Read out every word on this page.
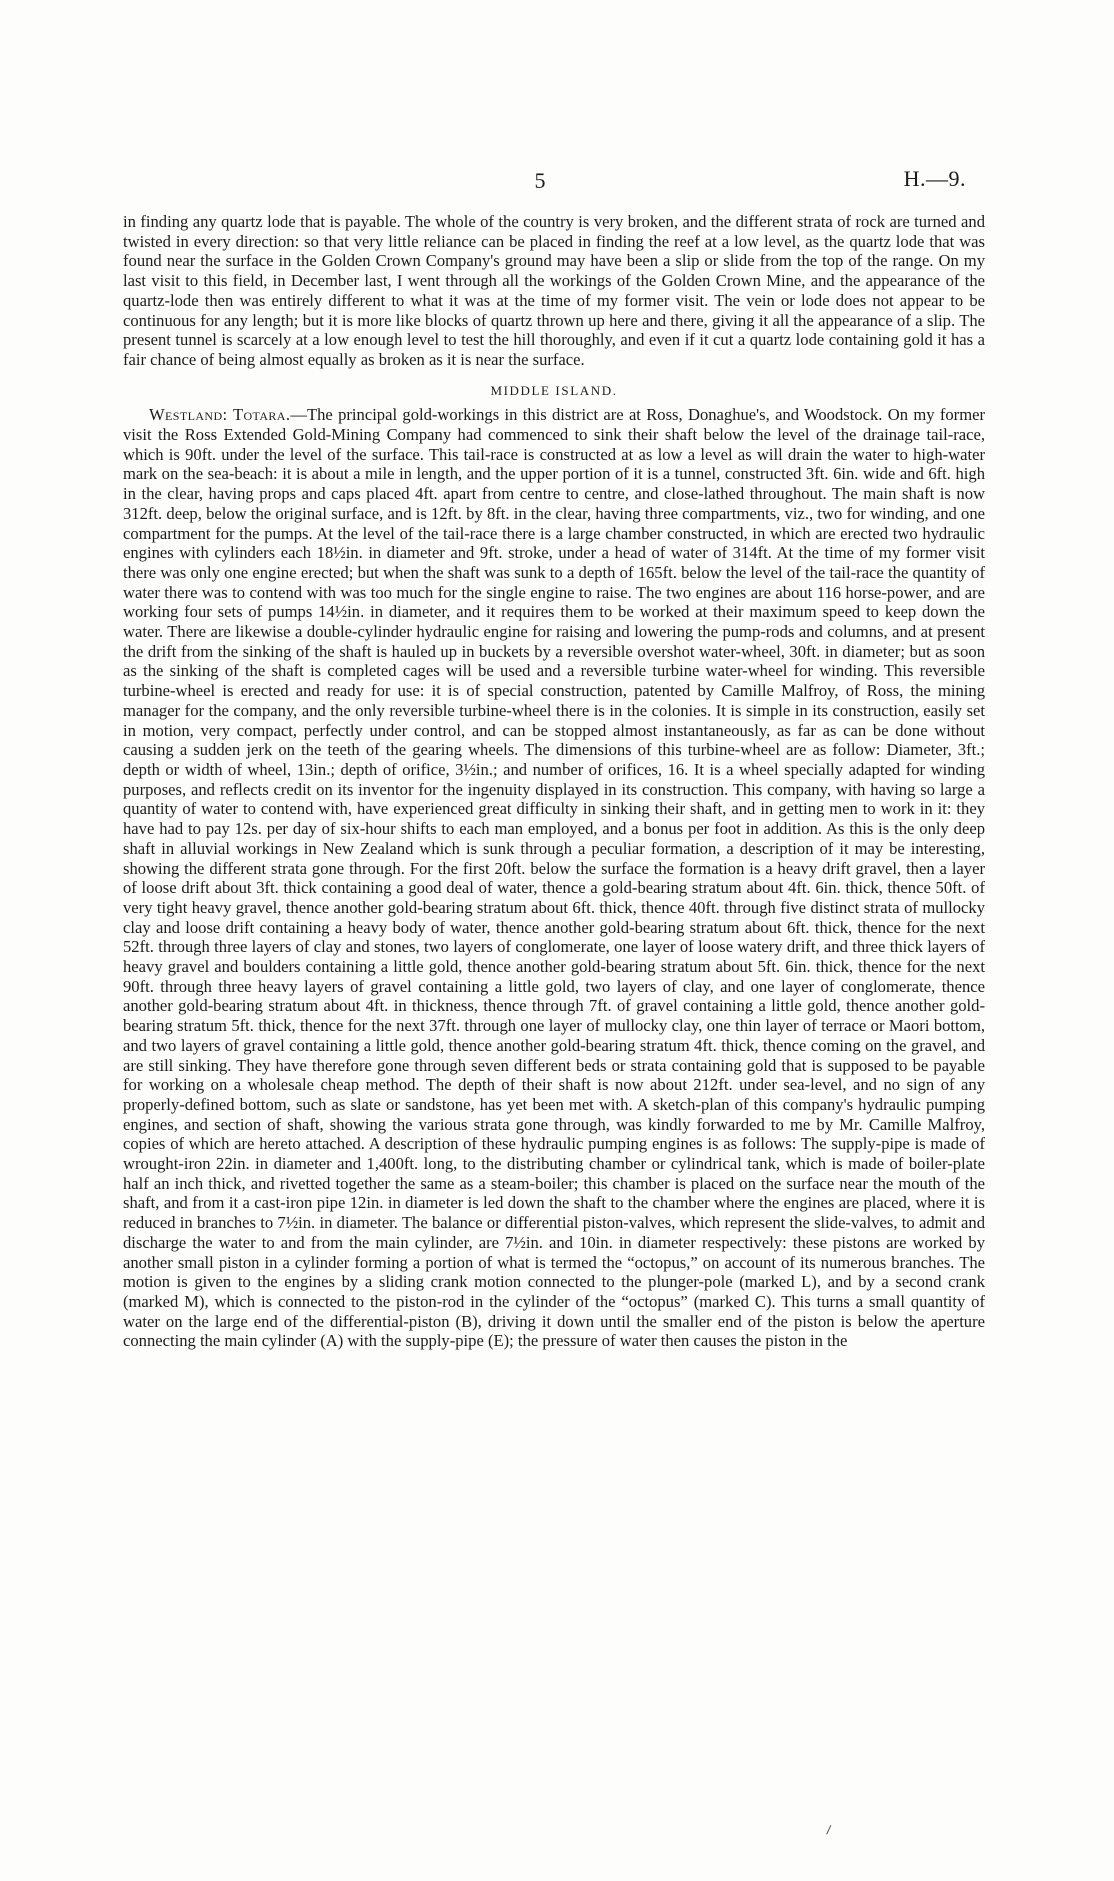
5	H.—9.

in finding any quartz lode that is payable. The whole of the country is very broken, and the different strata of rock are turned and twisted in every direction: so that very little reliance can be placed in finding the reef at a low level, as the quartz lode that was found near the surface in the Golden Crown Company's ground may have been a slip or slide from the top of the range. On my last visit to this field, in December last, I went through all the workings of the Golden Crown Mine, and the appearance of the quartz-lode then was entirely different to what it was at the time of my former visit. The vein or lode does not appear to be continuous for any length; but it is more like blocks of quartz thrown up here and there, giving it all the appearance of a slip. The present tunnel is scarcely at a low enough level to test the hill thoroughly, and even if it cut a quartz lode containing gold it has a fair chance of being almost equally as broken as it is near the surface.

MIDDLE ISLAND.

Westland: Totara.—The principal gold-workings in this district are at Ross, Donaghue's, and Woodstock. On my former visit the Ross Extended Gold-Mining Company had commenced to sink their shaft below the level of the drainage tail-race, which is 90ft. under the level of the surface. This tail-race is constructed at as low a level as will drain the water to high-water mark on the sea-beach: it is about a mile in length, and the upper portion of it is a tunnel, constructed 3ft. 6in. wide and 6ft. high in the clear, having props and caps placed 4ft. apart from centre to centre, and close-lathed throughout. The main shaft is now 312ft. deep, below the original surface, and is 12ft. by 8ft. in the clear, having three compartments, viz., two for winding, and one compartment for the pumps. At the level of the tail-race there is a large chamber constructed, in which are erected two hydraulic engines with cylinders each 18½in. in diameter and 9ft. stroke, under a head of water of 314ft. At the time of my former visit there was only one engine erected; but when the shaft was sunk to a depth of 165ft. below the level of the tail-race the quantity of water there was to contend with was too much for the single engine to raise. The two engines are about 116 horse-power, and are working four sets of pumps 14½in. in diameter, and it requires them to be worked at their maximum speed to keep down the water. There are likewise a double-cylinder hydraulic engine for raising and lowering the pump-rods and columns, and at present the drift from the sinking of the shaft is hauled up in buckets by a reversible overshot water-wheel, 30ft. in diameter; but as soon as the sinking of the shaft is completed cages will be used and a reversible turbine water-wheel for winding. This reversible turbine-wheel is erected and ready for use: it is of special construction, patented by Camille Malfroy, of Ross, the mining manager for the company, and the only reversible turbine-wheel there is in the colonies. It is simple in its construction, easily set in motion, very compact, perfectly under control, and can be stopped almost instantaneously, as far as can be done without causing a sudden jerk on the teeth of the gearing wheels. The dimensions of this turbine-wheel are as follow: Diameter, 3ft.; depth or width of wheel, 13in.; depth of orifice, 3½in.; and number of orifices, 16. It is a wheel specially adapted for winding purposes, and reflects credit on its inventor for the ingenuity displayed in its construction. This company, with having so large a quantity of water to contend with, have experienced great difficulty in sinking their shaft, and in getting men to work in it: they have had to pay 12s. per day of six-hour shifts to each man employed, and a bonus per foot in addition. As this is the only deep shaft in alluvial workings in New Zealand which is sunk through a peculiar formation, a description of it may be interesting, showing the different strata gone through. For the first 20ft. below the surface the formation is a heavy drift gravel, then a layer of loose drift about 3ft. thick containing a good deal of water, thence a gold-bearing stratum about 4ft. 6in. thick, thence 50ft. of very tight heavy gravel, thence another gold-bearing stratum about 6ft. thick, thence 40ft. through five distinct strata of mullocky clay and loose drift containing a heavy body of water, thence another gold-bearing stratum about 6ft. thick, thence for the next 52ft. through three layers of clay and stones, two layers of conglomerate, one layer of loose watery drift, and three thick layers of heavy gravel and boulders containing a little gold, thence another gold-bearing stratum about 5ft. 6in. thick, thence for the next 90ft. through three heavy layers of gravel containing a little gold, two layers of clay, and one layer of conglomerate, thence another gold-bearing stratum about 4ft. in thickness, thence through 7ft. of gravel containing a little gold, thence another gold-bearing stratum 5ft. thick, thence for the next 37ft. through one layer of mullocky clay, one thin layer of terrace or Maori bottom, and two layers of gravel containing a little gold, thence another gold-bearing stratum 4ft. thick, thence coming on the gravel, and are still sinking. They have therefore gone through seven different beds or strata containing gold that is supposed to be payable for working on a wholesale cheap method. The depth of their shaft is now about 212ft. under sea-level, and no sign of any properly-defined bottom, such as slate or sandstone, has yet been met with. A sketch-plan of this company's hydraulic pumping engines, and section of shaft, showing the various strata gone through, was kindly forwarded to me by Mr. Camille Malfroy, copies of which are hereto attached. A description of these hydraulic pumping engines is as follows: The supply-pipe is made of wrought-iron 22in. in diameter and 1,400ft. long, to the distributing chamber or cylindrical tank, which is made of boiler-plate half an inch thick, and rivetted together the same as a steam-boiler; this chamber is placed on the surface near the mouth of the shaft, and from it a cast-iron pipe 12in. in diameter is led down the shaft to the chamber where the engines are placed, where it is reduced in branches to 7½in. in diameter. The balance or differential piston-valves, which represent the slide-valves, to admit and discharge the water to and from the main cylinder, are 7½in. and 10in. in diameter respectively: these pistons are worked by another small piston in a cylinder forming a portion of what is termed the “octopus,” on account of its numerous branches. The motion is given to the engines by a sliding crank motion connected to the plunger-pole (marked L), and by a second crank (marked M), which is connected to the piston-rod in the cylinder of the “octopus” (marked C). This turns a small quantity of water on the large end of the differential-piston (B), driving it down until the smaller end of the piston is below the aperture connecting the main cylinder (A) with the supply-pipe (E); the pressure of water then causes the piston in the
